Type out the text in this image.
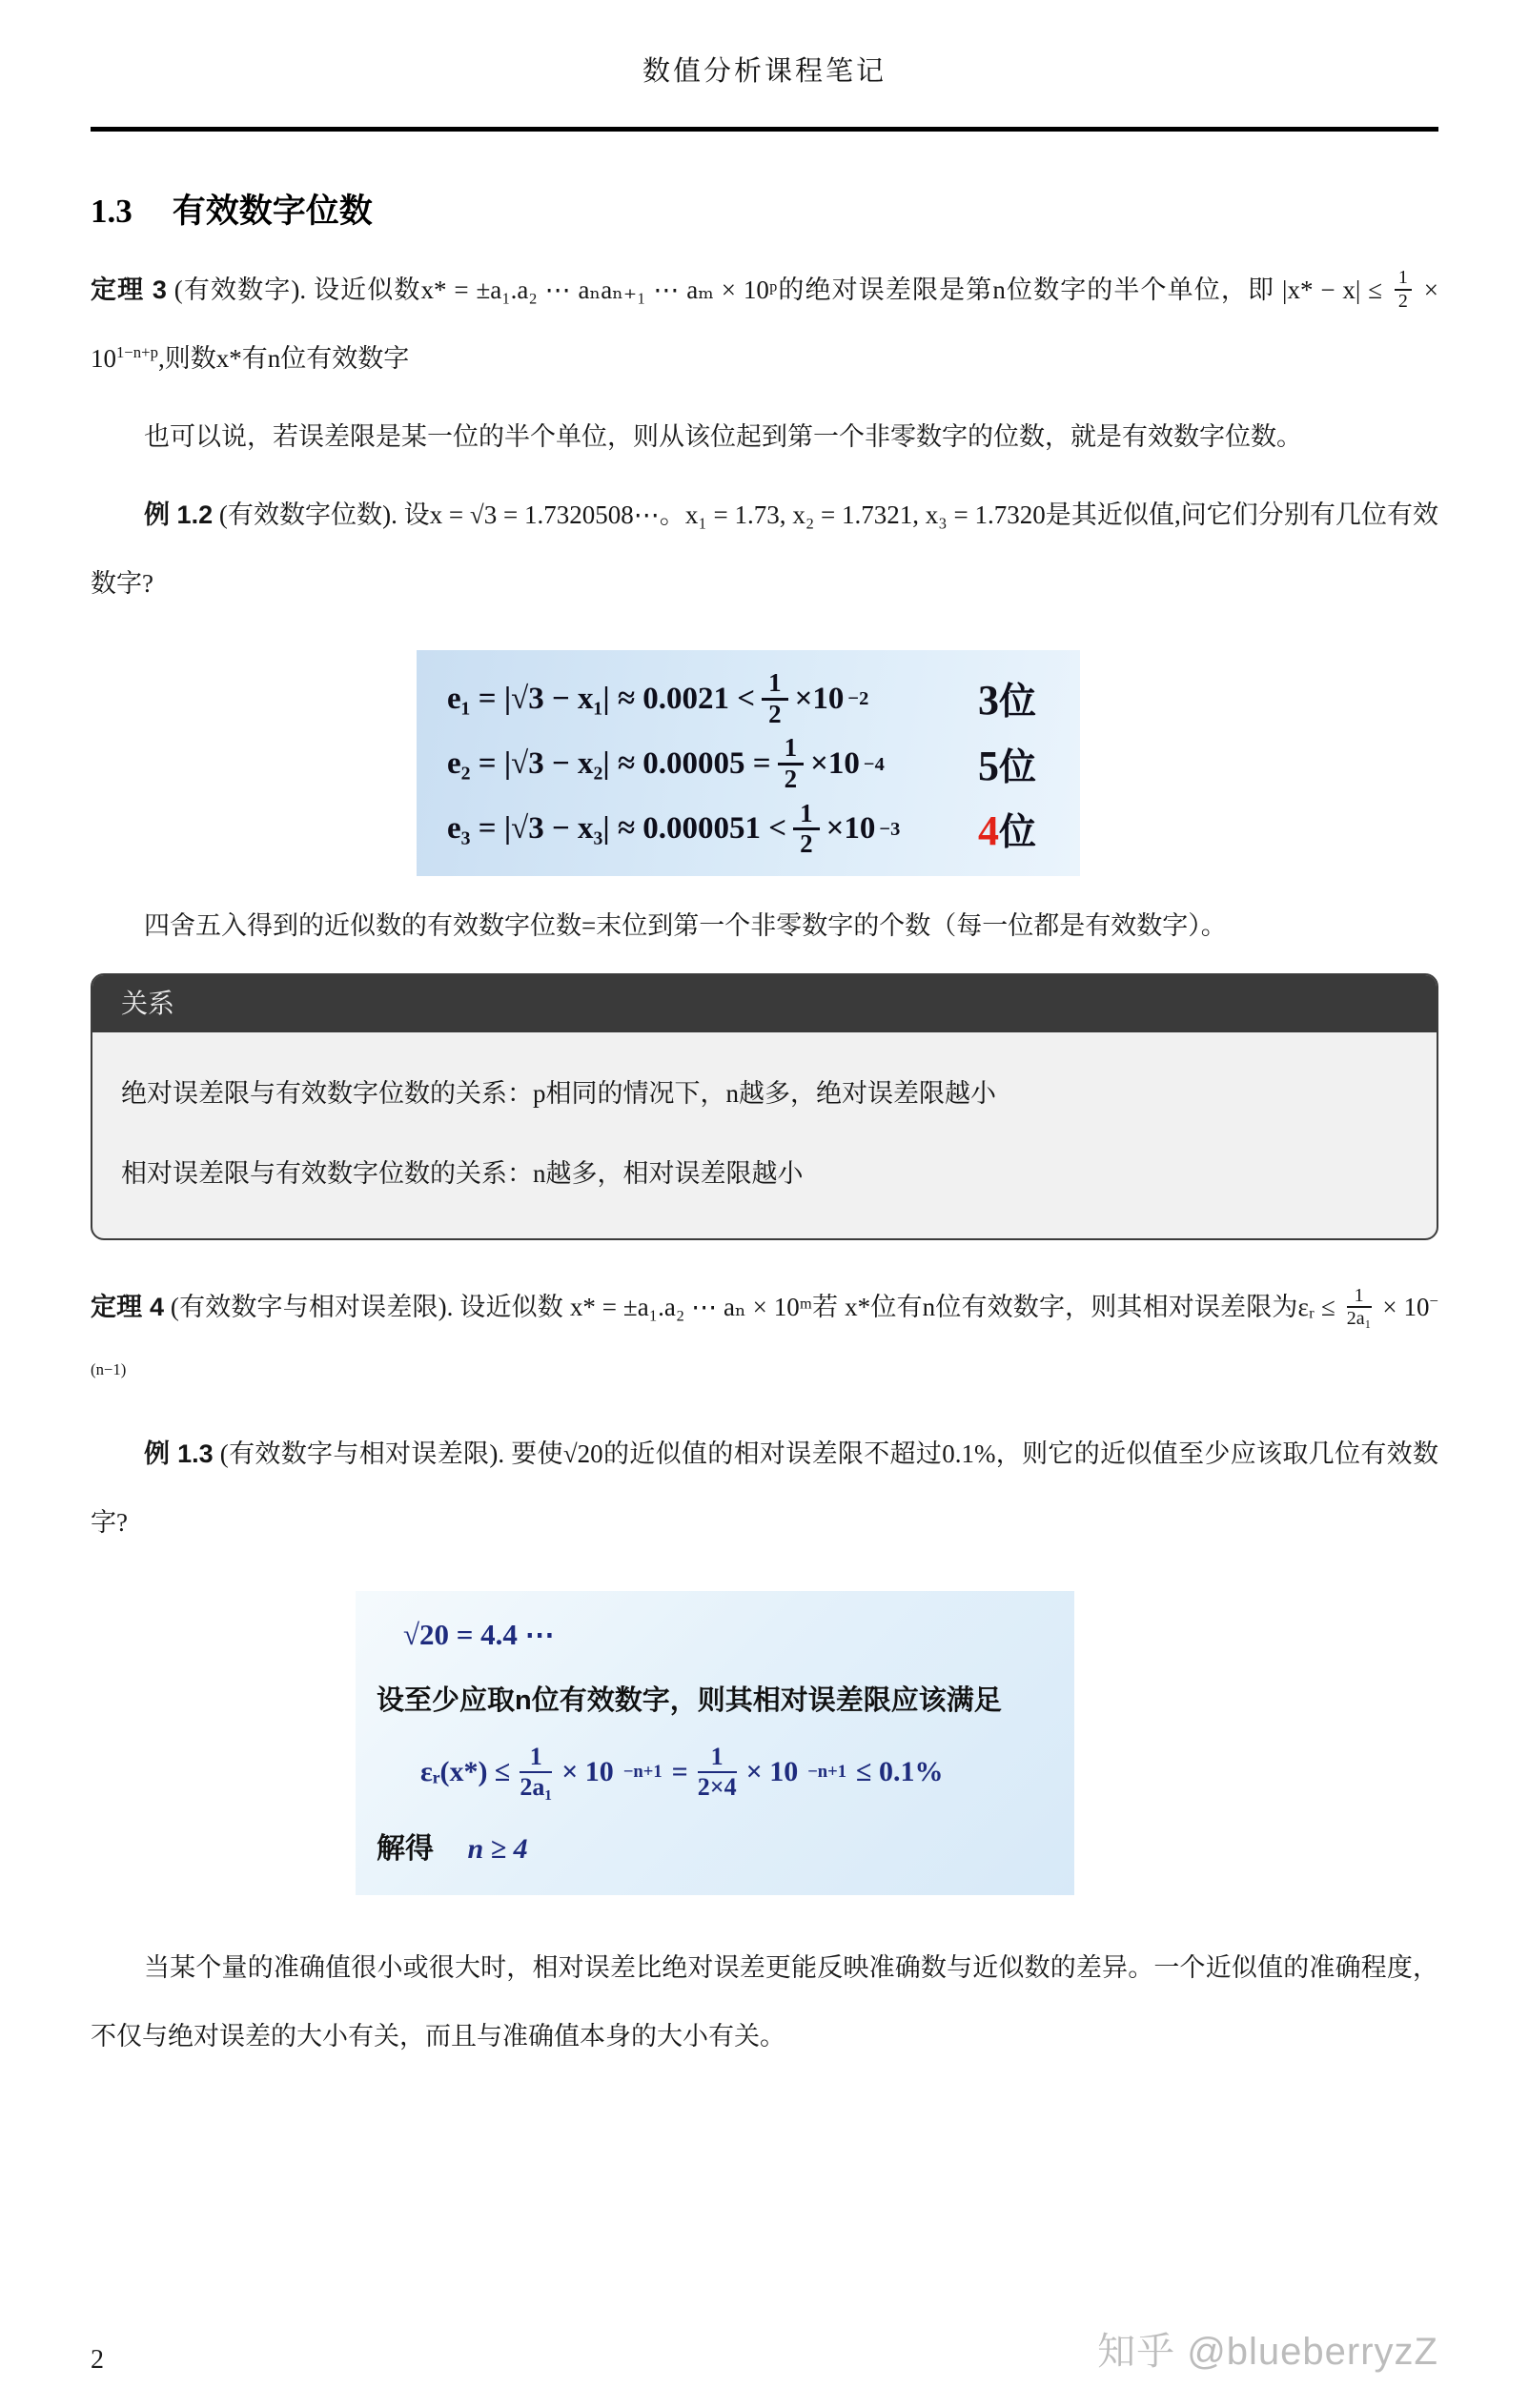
数值分析课程笔记
1.3 有效数字位数
定理 3 (有效数字). 设近似数x* = ±a₁.a₂ ⋯ aₙaₙ₊₁ ⋯ aₘ × 10ᵖ的绝对误差限是第n位数字的半个单位，即 $|x* - x| \le \frac{1}{2} \times 10^{1-n+p}$,则数x*有n位有效数字
也可以说，若误差限是某一位的半个单位，则从该位起到第一个非零数字的位数，就是有效数字位数。
例 1.2 (有效数字位数). 设x = √3 = 1.7320508⋯。x₁ = 1.73, x₂ = 1.7321, x₃ = 1.7320是其近似值,问它们分别有几位有效数字?
$e_1 = |√3 - x_1| \approx 0.0021 < \frac{1}{2} \times 10 -2$	3位
$e_2 = |√3 - x_2| \approx 0.00005 = \frac{1}{2} \times 10 -4$ 5位
$e_3 = |√3 - x_3| \approx 0.000051 < \frac{1}{2} \times 10 -3$ 4位
四舍五入得到的近似数的有效数字位数=末位到第一个非零数字的个数（每一位都是有效数字）。
关系

绝对误差限与有效数字位数的关系：p相同的情况下，n越多，绝对误差限越小

相对误差限与有效数字位数的关系：n越多，相对误差限越小

定理 4 (有效数字与相对误差限). 设近似数 x* = ±a₁.a₂ ⋯ aₙ × 10ᵐ若 x*位有n位有效数字，则其相对误差限为εᵣ ≤ $\frac{1}{\text{2a₁}} \times 10^{-(n-1)}$
例 1.3 (有效数字与相对误差限). 要使√20的近似值的相对误差限不超过0.1%，则它的近似值至少应该取几位有效数字?
√20 = 4.4 ⋯
设至少应取n位有效数字，则其相对误差限应该满足
εᵣ(x*) ≤ $\frac{1}{\text{2a₁}} \times 10 -n+1 = \frac{1}{2\times 4} \times 10 -n+1 \le 0.1\%$
解得 n ≥ 4
当某个量的准确值很小或很大时，相对误差比绝对误差更能反映准确数与近似数的差异。一个近似值的准确程度，不仅与绝对误差的大小有关，而且与准确值本身的大小有关。
2	知乎 @blueberryzZ
